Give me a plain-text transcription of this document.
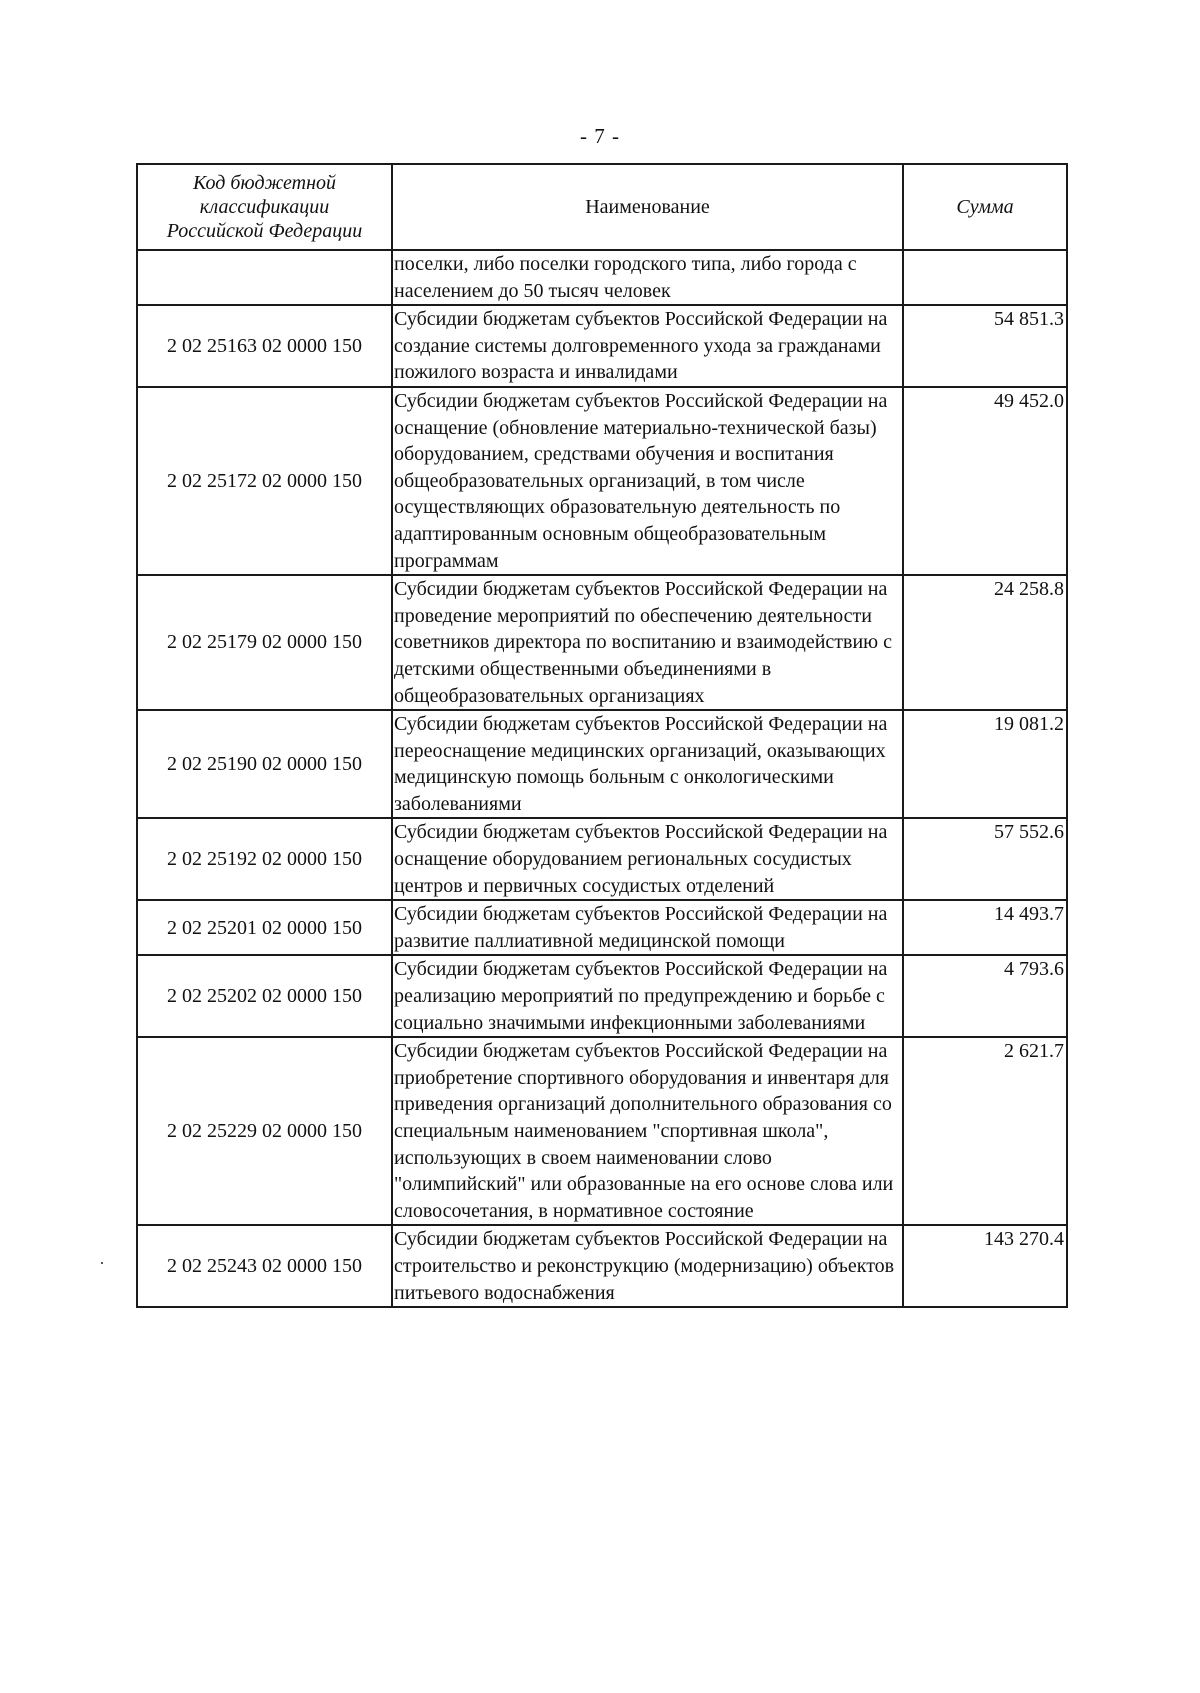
- 7 -
Код бюджетной
классификации
Российской Федерации	Наименование	Сумма
	поселки, либо поселки городского типа, либо города с населением до 50 тысяч человек	
2 02 25163 02 0000 150	Субсидии бюджетам субъектов Российской Федерации на создание системы долговременного ухода за гражданами пожилого возраста и инвалидами	54 851.3
2 02 25172 02 0000 150	Субсидии бюджетам субъектов Российской Федерации на оснащение (обновление материально-технической базы) оборудованием, средствами обучения и воспитания общеобразовательных организаций, в том числе осуществляющих образовательную деятельность по адаптированным основным общеобразовательным программам	49 452.0
2 02 25179 02 0000 150	Субсидии бюджетам субъектов Российской Федерации на проведение мероприятий по обеспечению деятельности советников директора по воспитанию и взаимодействию с детскими общественными объединениями в общеобразовательных организациях	24 258.8
2 02 25190 02 0000 150	Субсидии бюджетам субъектов Российской Федерации на переоснащение медицинских организаций, оказывающих медицинскую помощь больным с онкологическими заболеваниями	19 081.2
2 02 25192 02 0000 150	Субсидии бюджетам субъектов Российской Федерации на оснащение оборудованием региональных сосудистых центров и первичных сосудистых отделений	57 552.6
2 02 25201 02 0000 150	Субсидии бюджетам субъектов Российской Федерации на развитие паллиативной медицинской помощи	14 493.7
2 02 25202 02 0000 150	Субсидии бюджетам субъектов Российской Федерации на реализацию мероприятий по предупреждению и борьбе с социально значимыми инфекционными заболеваниями	4 793.6
2 02 25229 02 0000 150	Субсидии бюджетам субъектов Российской Федерации на приобретение спортивного оборудования и инвентаря для приведения организаций дополнительного образования со специальным наименованием "спортивная школа", использующих в своем наименовании слово "олимпийский" или образованные на его основе слова или словосочетания, в нормативное состояние	2 621.7
2 02 25243 02 0000 150	Субсидии бюджетам субъектов Российской Федерации на строительство и реконструкцию (модернизацию) объектов питьевого водоснабжения	143 270.4
